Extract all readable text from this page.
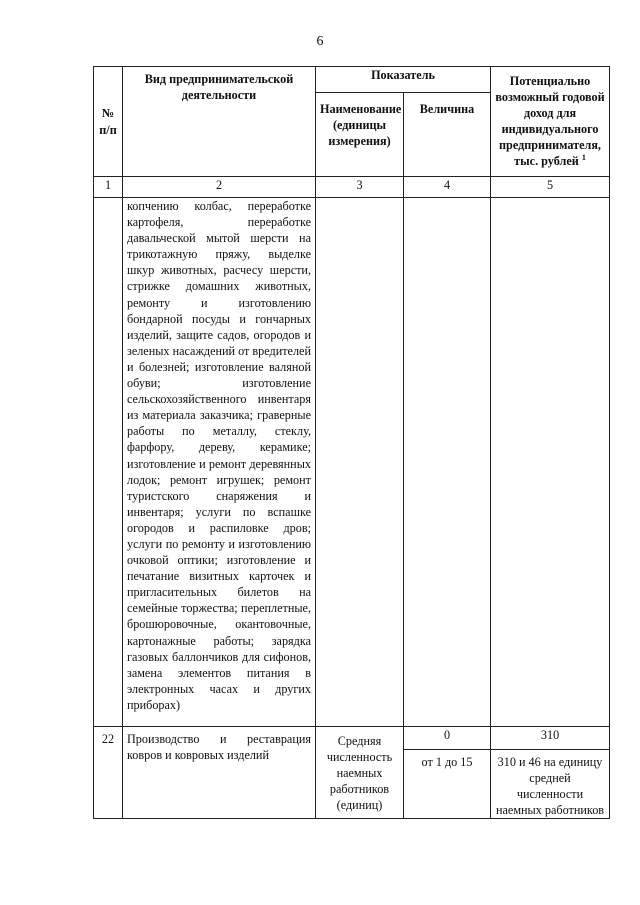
6
№ п/п	Вид предпринимательской деятельности	Показатель		Потенциально возможный годовой доход для индивидуального предпринимателя, тыс. рублей $^1$
		Наименование (единицы измерения)	Величина	
1	2	3	4	5
	копчению колбас, переработке картофеля, переработке давальческой мытой шерсти на трикотажную пряжу, выделке шкур животных, расчесу шерсти, стрижке домашних животных, ремонту и изготовлению бондарной посуды и гончарных изделий, защите садов, огородов и зеленых насаждений от вредителей и болезней; изготовление валяной обуви; изготовление сельскохозяйственного инвентаря из материала заказчика; граверные работы по металлу, стеклу, фарфору, дереву, керамике; изготовление и ремонт деревянных лодок; ремонт игрушек; ремонт туристского снаряжения и инвентаря; услуги по вспашке огородов и распиловке дров; услуги по ремонту и изготовлению очковой оптики; изготовление и печатание визитных карточек и пригласительных билетов на семейные торжества; переплетные, брошюровочные, окантовочные, картонажные работы; зарядка газовых баллончиков для сифонов, замена элементов питания в электронных часах и других приборах)			
22	Производство и реставрация ковров и ковровых изделий	Средняя численность наемных работников (единиц)	0	310
			от 1 до 15	310 и 46 на единицу средней численности наемных работников
